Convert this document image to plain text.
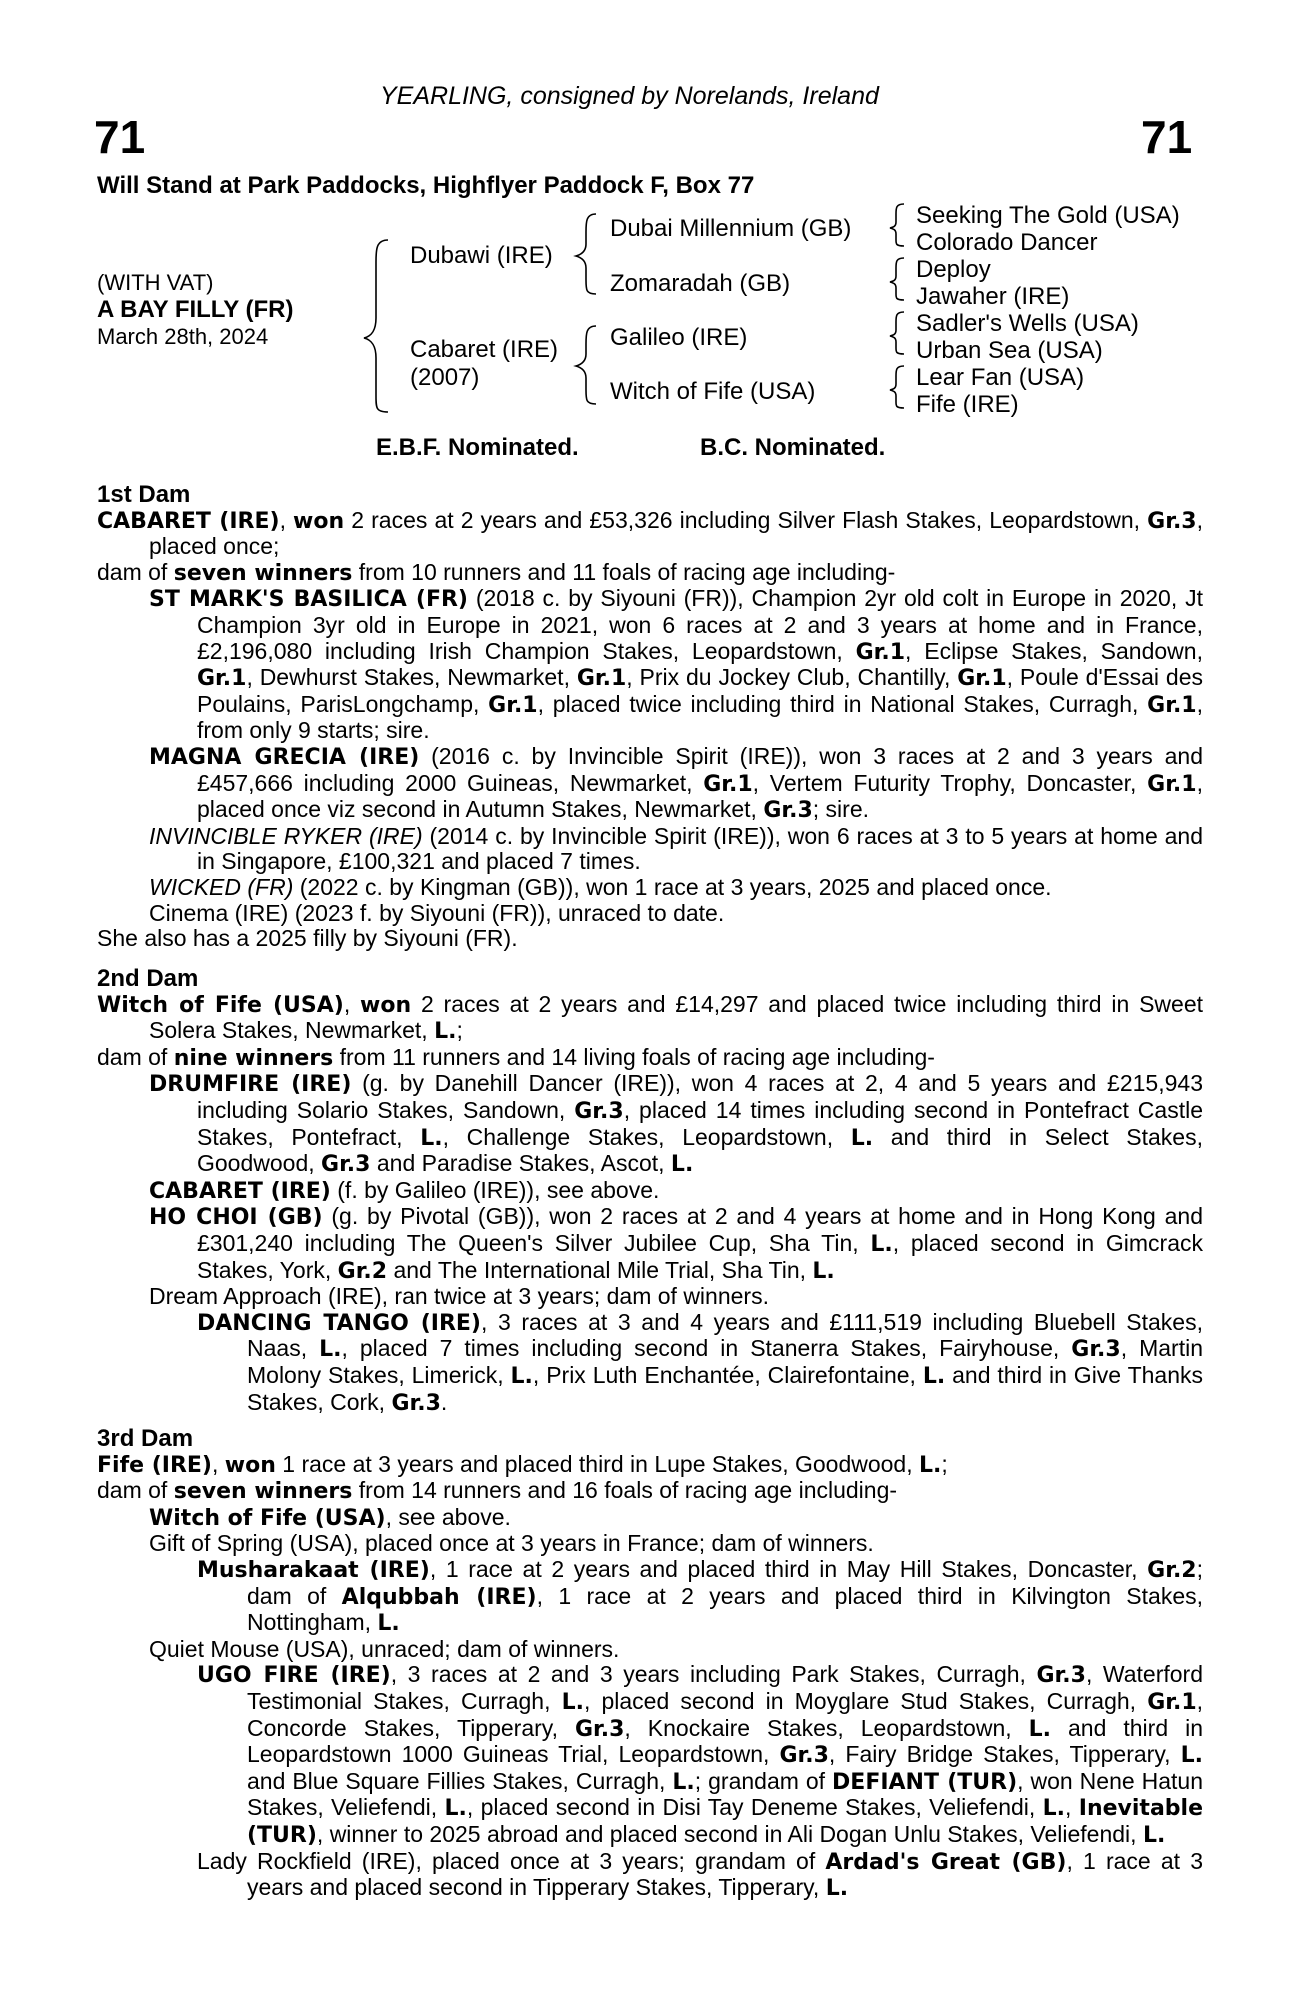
71	71
YEARLING, consigned by Norelands, Ireland
Will Stand at Park Paddocks, Highflyer Paddock F, Box 77
(WITH VAT)
A BAY FILLY (FR)
March 28th, 2024
Dubawi (IRE)
Cabaret (IRE)
(2007)
Dubai Millennium (GB)
Zomaradah (GB)
Galileo (IRE)
Witch of Fife (USA)
Seeking The Gold (USA)
Colorado Dancer
Deploy
Jawaher (IRE)
Sadler's Wells (USA)
Urban Sea (USA)
Lear Fan (USA)
Fife (IRE)
E.B.F. Nominated.	B.C. Nominated.
1st Dam

CABARET (IRE), won 2 races at 2 years and £53,326 including Silver Flash Stakes, Leopardstown, Gr.3, placed once;

dam of seven winners from 10 runners and 11 foals of racing age including-

ST MARK'S BASILICA (FR) (2018 c. by Siyouni (FR)), Champion 2yr old colt in Europe in 2020, Jt Champion 3yr old in Europe in 2021, won 6 races at 2 and 3 years at home and in France, £2,196,080 including Irish Champion Stakes, Leopardstown, Gr.1, Eclipse Stakes, Sandown, Gr.1, Dewhurst Stakes, Newmarket, Gr.1, Prix du Jockey Club, Chantilly, Gr.1, Poule d'Essai des Poulains, ParisLongchamp, Gr.1, placed twice including third in National Stakes, Curragh, Gr.1, from only 9 starts; sire.

MAGNA GRECIA (IRE) (2016 c. by Invincible Spirit (IRE)), won 3 races at 2 and 3 years and £457,666 including 2000 Guineas, Newmarket, Gr.1, Vertem Futurity Trophy, Doncaster, Gr.1, placed once viz second in Autumn Stakes, Newmarket, Gr.3; sire.

INVINCIBLE RYKER (IRE) (2014 c. by Invincible Spirit (IRE)), won 6 races at 3 to 5 years at home and in Singapore, £100,321 and placed 7 times.

WICKED (FR) (2022 c. by Kingman (GB)), won 1 race at 3 years, 2025 and placed once.

Cinema (IRE) (2023 f. by Siyouni (FR)), unraced to date.

She also has a 2025 filly by Siyouni (FR).

2nd Dam

Witch of Fife (USA), won 2 races at 2 years and £14,297 and placed twice including third in Sweet Solera Stakes, Newmarket, L.;

dam of nine winners from 11 runners and 14 living foals of racing age including-

DRUMFIRE (IRE) (g. by Danehill Dancer (IRE)), won 4 races at 2, 4 and 5 years and £215,943 including Solario Stakes, Sandown, Gr.3, placed 14 times including second in Pontefract Castle Stakes, Pontefract, L., Challenge Stakes, Leopardstown, L. and third in Select Stakes, Goodwood, Gr.3 and Paradise Stakes, Ascot, L.

CABARET (IRE) (f. by Galileo (IRE)), see above.

HO CHOI (GB) (g. by Pivotal (GB)), won 2 races at 2 and 4 years at home and in Hong Kong and £301,240 including The Queen's Silver Jubilee Cup, Sha Tin, L., placed second in Gimcrack Stakes, York, Gr.2 and The International Mile Trial, Sha Tin, L.

Dream Approach (IRE), ran twice at 3 years; dam of winners.

DANCING TANGO (IRE), 3 races at 3 and 4 years and £111,519 including Bluebell Stakes, Naas, L., placed 7 times including second in Stanerra Stakes, Fairyhouse, Gr.3, Martin Molony Stakes, Limerick, L., Prix Luth Enchantée, Clairefontaine, L. and third in Give Thanks Stakes, Cork, Gr.3.

3rd Dam

Fife (IRE), won 1 race at 3 years and placed third in Lupe Stakes, Goodwood, L.;

dam of seven winners from 14 runners and 16 foals of racing age including-

Witch of Fife (USA), see above.

Gift of Spring (USA), placed once at 3 years in France; dam of winners.

Musharakaat (IRE), 1 race at 2 years and placed third in May Hill Stakes, Doncaster, Gr.2; dam of Alqubbah (IRE), 1 race at 2 years and placed third in Kilvington Stakes, Nottingham, L.

Quiet Mouse (USA), unraced; dam of winners.

UGO FIRE (IRE), 3 races at 2 and 3 years including Park Stakes, Curragh, Gr.3, Waterford Testimonial Stakes, Curragh, L., placed second in Moyglare Stud Stakes, Curragh, Gr.1, Concorde Stakes, Tipperary, Gr.3, Knockaire Stakes, Leopardstown, L. and third in Leopardstown 1000 Guineas Trial, Leopardstown, Gr.3, Fairy Bridge Stakes, Tipperary, L. and Blue Square Fillies Stakes, Curragh, L.; grandam of DEFIANT (TUR), won Nene Hatun Stakes, Veliefendi, L., placed second in Disi Tay Deneme Stakes, Veliefendi, L., Inevitable (TUR), winner to 2025 abroad and placed second in Ali Dogan Unlu Stakes, Veliefendi, L.

Lady Rockfield (IRE), placed once at 3 years; grandam of Ardad's Great (GB), 1 race at 3 years and placed second in Tipperary Stakes, Tipperary, L.
